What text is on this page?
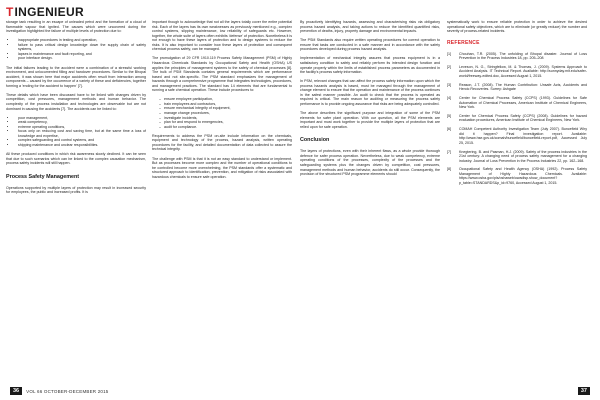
T INGENIEUR

storage tank resulting in an escape of unleaded petrol and the formation of a cloud of flammable vapour that ignited. The causes which were uncovered during the investigation highlighted the failure of multiple levels of protection due to:

• inappropriate procedures in testing and operation,
• failure to pass critical design knowledge down the supply chain of safety systems,
• lapses in maintenance and fault reporting, and
• poor interface design.

The initial failures leading to the accident were a combination of a stressful working environment, and unlocumented filling and handover procedures. Similar to the Bhopal accident, it was shown here that major accidents often result from interaction among components – caused by the occurrence of a variety of these and deficiencies, together forming a 'ending for the accident to happen' [7].

These details which have been discussed have to be linked with changes driven by competition, cost pressures, management methods and human behavior. The complexity of the process installation and technologies are observable but are not dominant in causing the accidents [7]. The accidents can be linked to:

• poor management,
• weak competency,
• extreme operating conditions,
• focus only on reducing cost and saving time, but at the same time a loss of knowledge and expertise,
• complex safeguarding and control systems, and
• shipping maintenance and unclear responsibilities.

All these produced conditions in which risk awareness slowly declined. It can be seen that due to such scenarios which can be linked to the complex causation mechanism, process safety incidents will still happen.

Process Safety Management

Operations supported by multiple layers of protection may result in increased security for employees, the public and increased profits. It is

important though to acknowledge that not all the layers totally cover the entire potential risk. Each of the layers has its own weaknesses as previously mentioned e.g., complex control systems, slipping maintenance, low reliability of safeguards etc. However, together, the whole suite of layers often exhibits 'defense' of protection. Nonetheless it is not enough to have these layers of protection and to design systems to reduce the risks. It is also important to consider how these layers of protection and consequent chemical process safety, can be managed.

The promulgation of 29 CFR 1910.119 Process Safety Management (PSM) of Highly Hazardous Chemicals Standards by Occupational Safety and Health (OSHA) US applies the principles of management systems to the safety of chemical processes [8]. The bulk of PSM Standards contains general requirements which are performance based and not site-specific. The PSM standard emphasizes the management of hazards through a comprehensive programme that integrates technologies, procedures, and management practices. The standard has 14 elements that are fundamental to running a safe chemical operation. These include procedures to:

• ensure employee participation,
• train employees and contractors,
• ensure mechanical integrity of equipment,
• manage change procedures,
• investigate incidents,
• plan for and respond to emergencies,
• audit for compliance.

Requirements to address the PSM on-site include information on the chemicals, equipment and technology of the process, hazard analysis, written operating procedures for the facility, and detailed documentation of data collected to assure the technical integrity.

The challenge with PSM is that it is not an easy standard to understand or implement. But as processes become more complex and the number of operational conditions to be controlled become more overwhelming, the PSM standards offer a systematic and structured approach to identification, prevention, and mitigation of risks associated with hazardous chemicals to ensure safe operation.

By proactively identifying hazards, assessing and characterising risks via obligatory process hazard analysis, and taking actions to reduce the identified quantified risks, prevention of deaths, injury, property damage and environmental impacts.

The PSM Standards also require written operating procedures for correct operation to ensure that tasks are conducted in a safe manner and in accordance with the safety procedures developed during process hazard analysis.

Implementation of mechanical integrity assures that process equipment is in a satisfactory condition to safely and reliably perform its intended design function and operate properly within the limits of established process parameters as documented in the facility's process safety information.

In PSM, relevant changes that can affect the process safety information upon which the process hazards analysis is based, must be managed through the management of change element to ensure that the operation and maintenance of the process continues in the safest manner possible. An audit to check that the process is operated as required is critical. The main reason for auditing or measuring the process safety performance is to provide ongoing assurance that risks are being adequately controlled.

The above describes the significant purpose and integration of some of the PSM elements for safer plant operation. With our question, all the PSM elements are important and must work together to provide the multiple layers of protection that are relied upon for safe operation.

Conclusion

The layers of protections, even with their inherent flaws, as a whole provide thorough defence for safer process operation. Nevertheless, due to weak competency, extreme operating conditions of the processes, complexity of the processes and the safeguarding systems plus the changes driven by competition, cost pressures, management methods and human behavior, accidents do still occur. Consequently, the provision of the structured PSM programme elements should

systematically work to ensure reliable protection in order to achieve the desired operational safety objectives, which are to eliminate (or greatly reduce) the number and severity of process-related incidents.

REFERENCE
[1] Chouhan, T.R. (2005). The unfolding of Bhopal disaster. Journal of Loss Prevention in the Process Industries 18, pp. 205–208
[2] Leveson, N. G., Stringfellow, M. & Thomas, J. (2009). Systems Approach to Accident Analysis. IT Technical Report. Available: http://sunnyday.mit.edu/safer-world/freeway-edited.doc, Accessed August 1, 2015.
[3] Reason, J.T. (2008). The Human Contribution: Unsafe Acts, Accidents and Heroic Recoveries. Surrey: Ashgate
[4] Center for Chemical Process Safety (CCPS) (1993). Guidelines for Safe Automation of Chemical Processes, American Institute of Chemical Engineers, New York.
[5] Center for Chemical Process Safety (CCPS) (2008). Guidelines for hazard evaluation procedures, American Institute of Chemical Engineers, New York.
[6] COMAH Competent Authority Investigation Team (July 2007). Buncefield Why did it happen? Final investigation report. Available: http://www.hse.gov.uk/comah/buncefield/buncefield-report.pdf, Accessed July 25, 2015.
[7] Knegtering, B. and Pasman, H.J. (2009). Safety of the process industries in the 21st century: A changing need of process safety management for a changing industry. Journal of Loss Prevention in the Process Industries 22, pp. 162–168.
[8] Occupational Safety and Health Agency (OSHA) (1992). Process Safety Management of Highly Hazardous Chemicals. Available: https://www.osha.gov/pls/oshaweb/owadisp.show_document?p_table=STANDARDS&p_id=9760, Accessed August 1, 2015.
36	VOL 66 OCTOBER-DECEMBER 2015	37
